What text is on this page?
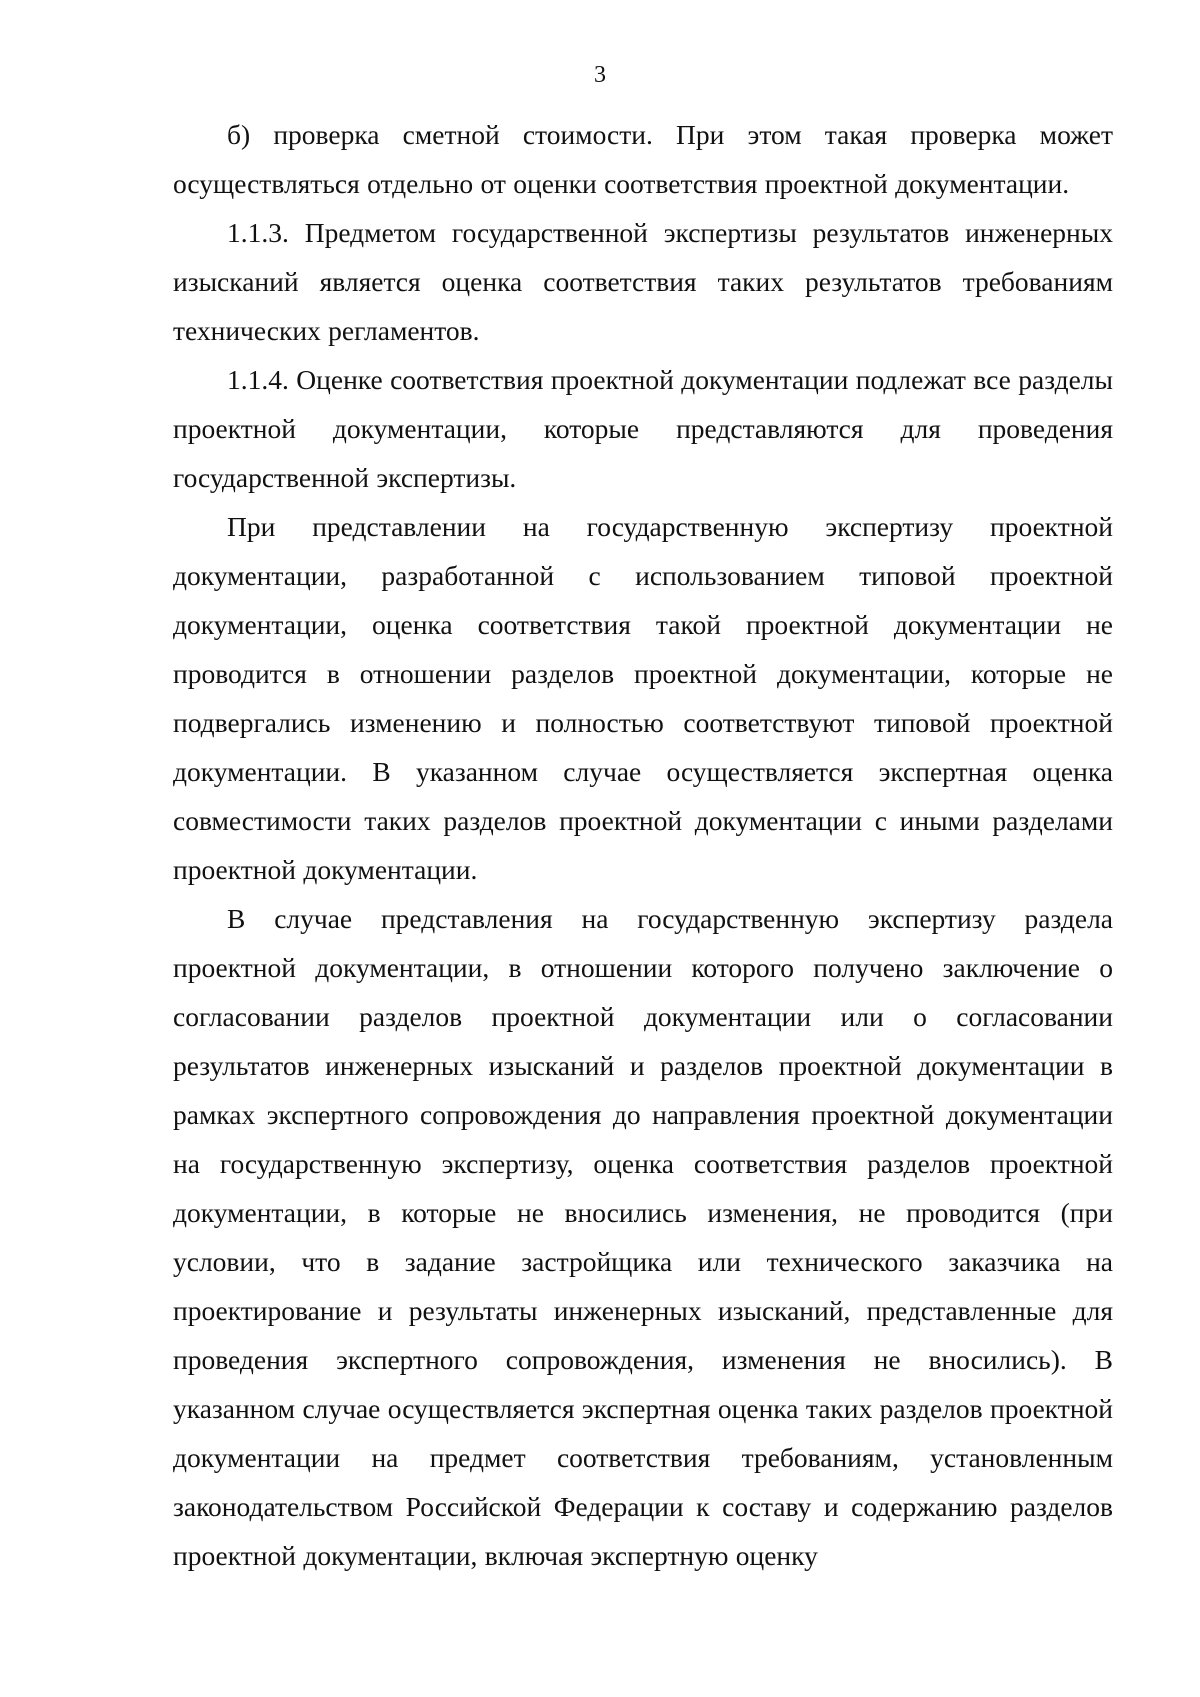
3

б) проверка сметной стоимости. При этом такая проверка может осуществляться отдельно от оценки соответствия проектной документации.

1.1.3. Предметом государственной экспертизы результатов инженерных изысканий является оценка соответствия таких результатов требованиям технических регламентов.

1.1.4. Оценке соответствия проектной документации подлежат все разделы проектной документации, которые представляются для проведения государственной экспертизы.

При представлении на государственную экспертизу проектной документации, разработанной с использованием типовой проектной документации, оценка соответствия такой проектной документации не проводится в отношении разделов проектной документации, которые не подвергались изменению и полностью соответствуют типовой проектной документации. В указанном случае осуществляется экспертная оценка совместимости таких разделов проектной документации с иными разделами проектной документации.

В случае представления на государственную экспертизу раздела проектной документации, в отношении которого получено заключение о согласовании разделов проектной документации или о согласовании результатов инженерных изысканий и разделов проектной документации в рамках экспертного сопровождения до направления проектной документации на государственную экспертизу, оценка соответствия разделов проектной документации, в которые не вносились изменения, не проводится (при условии, что в задание застройщика или технического заказчика на проектирование и результаты инженерных изысканий, представленные для проведения экспертного сопровождения, изменения не вносились). В указанном случае осуществляется экспертная оценка таких разделов проектной документации на предмет соответствия требованиям, установленным законодательством Российской Федерации к составу и содержанию разделов проектной документации, включая экспертную оценку
